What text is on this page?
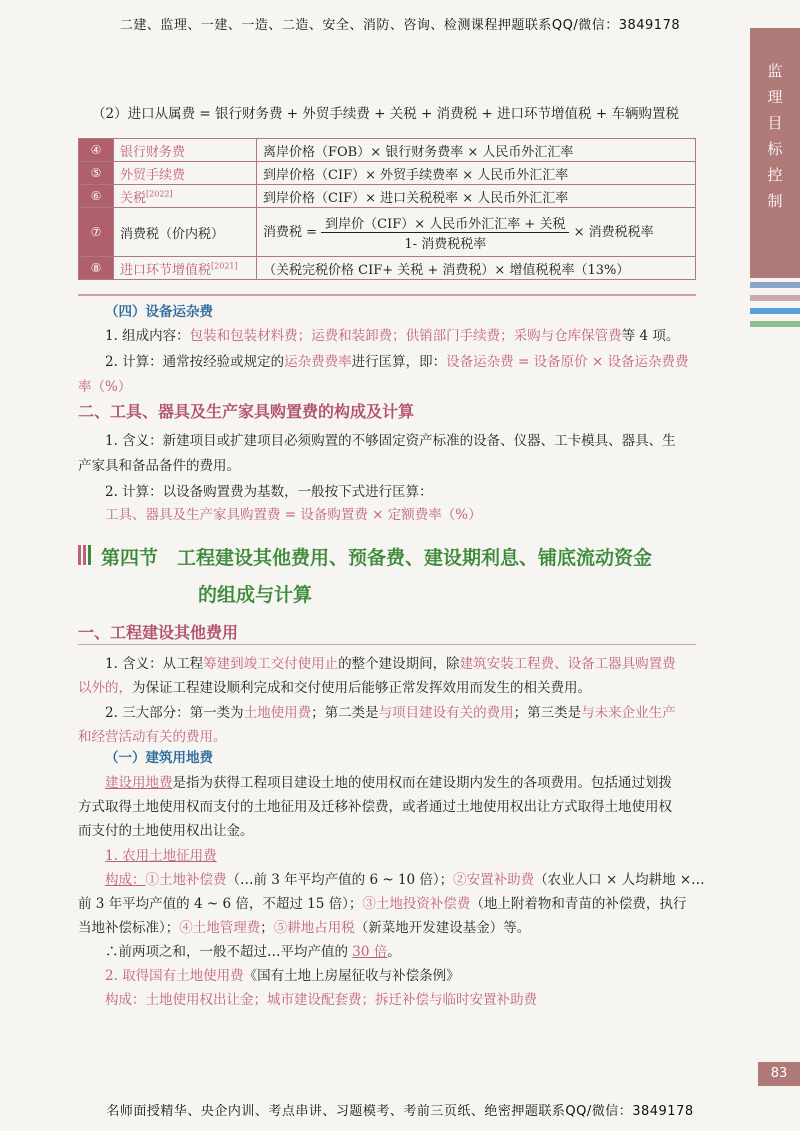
二建、监理、一建、一造、二造、安全、消防、咨询、检测课程押题联系QQ/微信：3849178
监
理
目
标
控
制
（2）进口从属费 = 银行财务费 + 外贸手续费 + 关税 + 消费税 + 进口环节增值税 + 车辆购置税
④	银行财务费	离岸价格（FOB）× 银行财务费率 × 人民币外汇汇率
⑤	外贸手续费	到岸价格（CIF）× 外贸手续费率 × 人民币外汇汇率
⑥	关税[2022]	到岸价格（CIF）× 进口关税税率 × 人民币外汇汇率
⑦	消费税（价内税）	消费税 = $\frac{\text{到岸价（CIF）× 人民币外汇汇率 + 关税}}{\text{1- 消费税税率}}$ × 消费税税率
⑧	进口环节增值税[2021]	（关税完税价格 CIF+ 关税 + 消费税）× 增值税税率（13%）
（四）设备运杂费
1. 组成内容：包装和包装材料费；运费和装卸费；供销部门手续费；采购与仓库保管费等 4 项。
2. 计算：通常按经验或规定的运杂费费率进行匡算，即：设备运杂费 = 设备原价 × 设备运杂费费
率（%）
二、工具、器具及生产家具购置费的构成及计算
1. 含义：新建项目或扩建项目必须购置的不够固定资产标准的设备、仪器、工卡模具、器具、生
产家具和备品备件的费用。
2. 计算：以设备购置费为基数，一般按下式进行匡算：
工具、器具及生产家具购置费 = 设备购置费 × 定额费率（%）
第四节　工程建设其他费用、预备费、建设期利息、铺底流动资金
的组成与计算
一、工程建设其他费用
1. 含义：从工程筹建到竣工交付使用止的整个建设期间，除建筑安装工程费、设备工器具购置费
以外的，为保证工程建设顺利完成和交付使用后能够正常发挥效用而发生的相关费用。
2. 三大部分：第一类为土地使用费；第二类是与项目建设有关的费用；第三类是与未来企业生产
和经营活动有关的费用。
（一）建筑用地费
建设用地费是指为获得工程项目建设土地的使用权而在建设期内发生的各项费用。包括通过划拨
方式取得土地使用权而支付的土地征用及迁移补偿费，或者通过土地使用权出让方式取得土地使用权
而支付的土地使用权出让金。
1. 农用土地征用费
构成：①土地补偿费（…前 3 年平均产值的 6 ~ 10 倍）；②安置补助费（农业人口 × 人均耕地 ×…
前 3 年平均产值的 4 ~ 6 倍，不超过 15 倍）；③土地投资补偿费（地上附着物和青苗的补偿费，执行
当地补偿标准）；④土地管理费；⑤耕地占用税（新菜地开发建设基金）等。
∴前两项之和，一般不超过…平均产值的 30 倍。
2. 取得国有土地使用费《国有土地上房屋征收与补偿条例》
构成：土地使用权出让金；城市建设配套费；拆迁补偿与临时安置补助费
83
名师面授精华、央企内训、考点串讲、习题模考、考前三页纸、绝密押题联系QQ/微信：3849178
